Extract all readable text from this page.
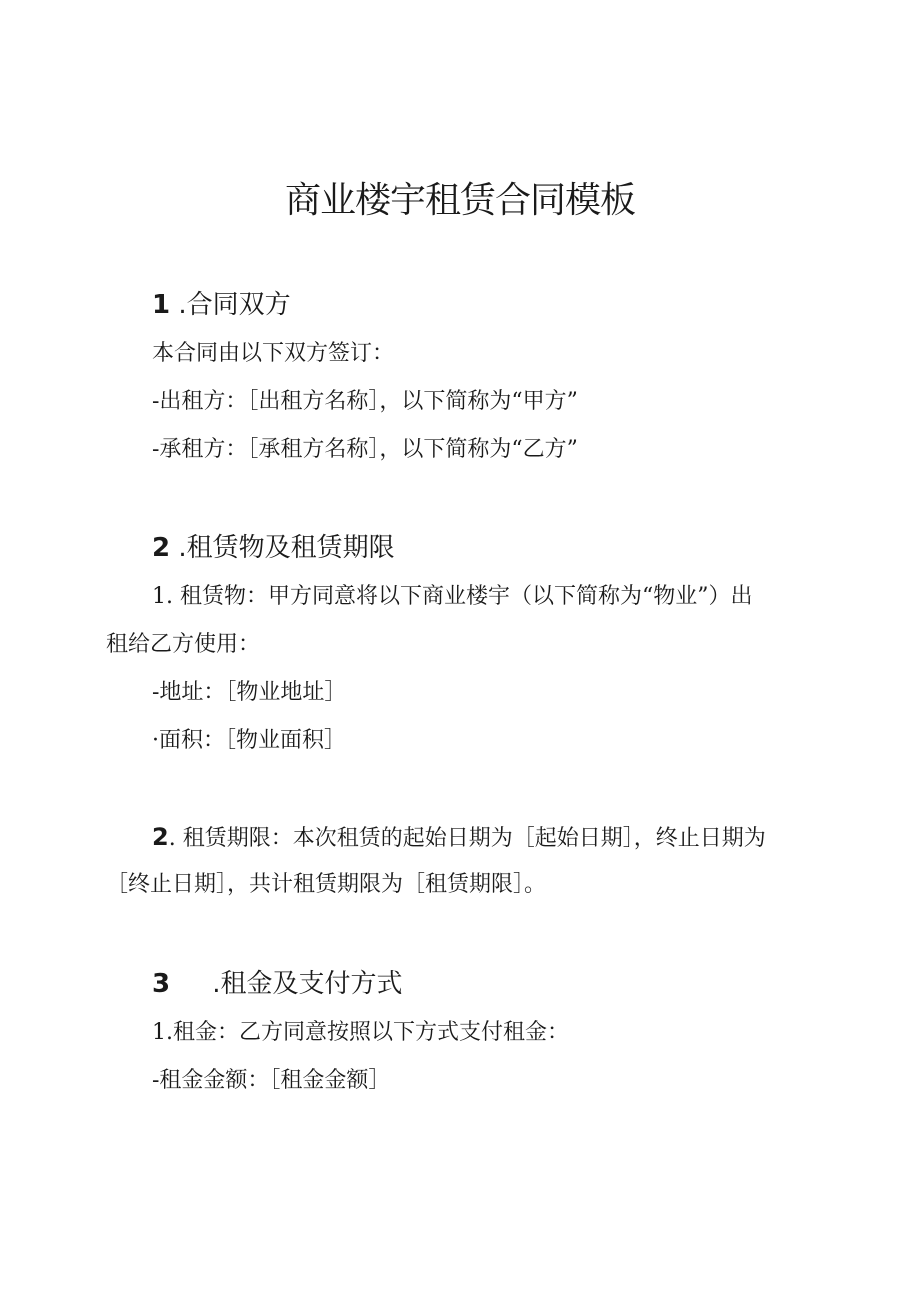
商业楼宇租赁合同模板
1 .合同双方

本合同由以下双方签订：

-出租方：［出租方名称］，以下简称为“甲方”

-承租方：［承租方名称］，以下简称为“乙方”

2 .租赁物及租赁期限

1. 租赁物：甲方同意将以下商业楼宇（以下简称为“物业”）出

租给乙方使用：

-地址：［物业地址］

·面积：［物业面积］

2. 租赁期限：本次租赁的起始日期为［起始日期］，终止日期为

［终止日期］，共计租赁期限为［租赁期限］。

3 .租金及支付方式

1.租金：乙方同意按照以下方式支付租金：

-租金金额：［租金金额］
